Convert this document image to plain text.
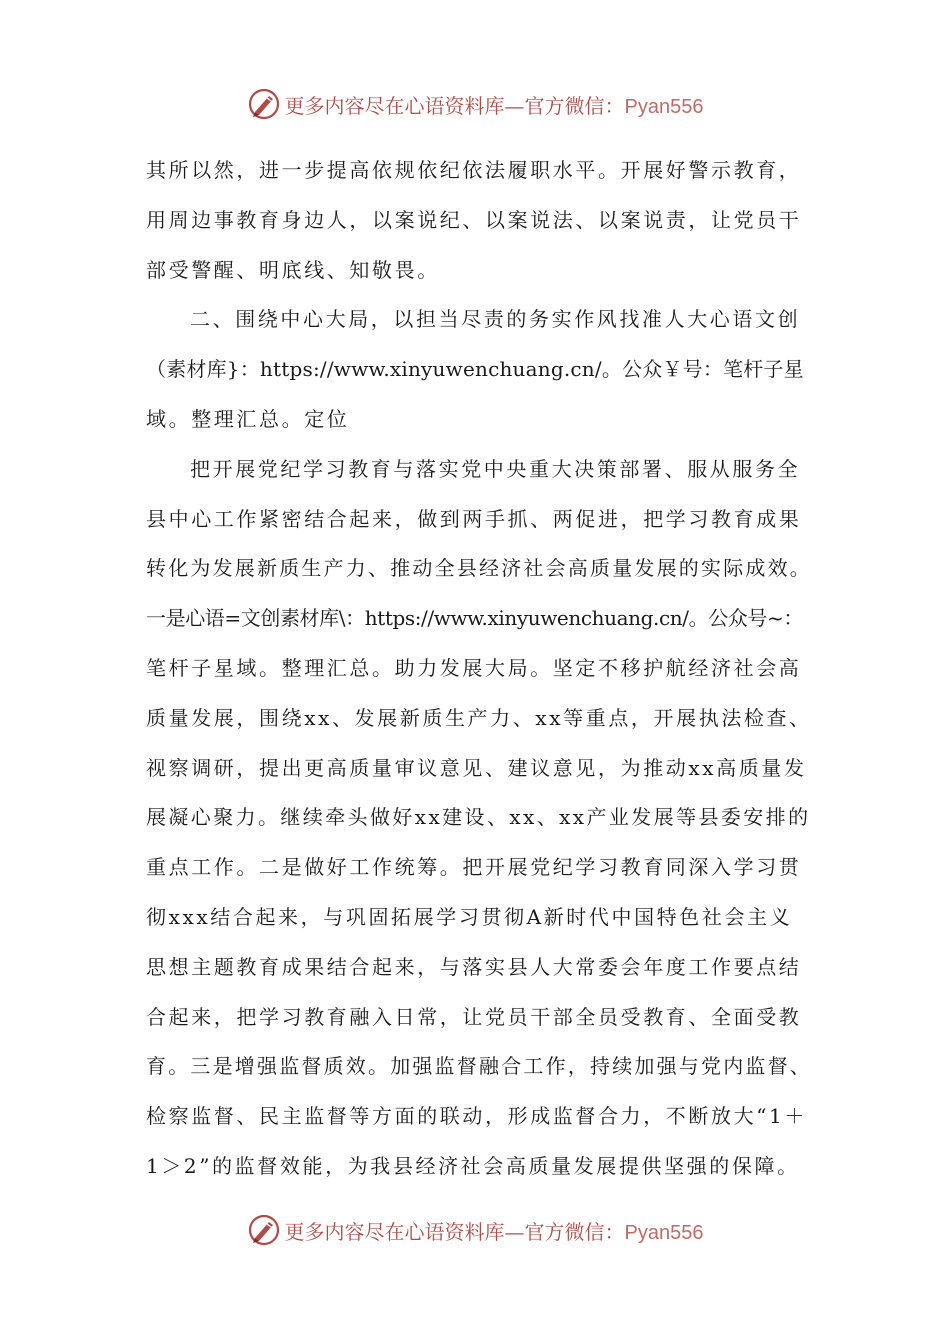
更多内容尽在心语资料库—官方微信：Pyan556
其所以然，进一步提高依规依纪依法履职水平。开展好警示教育，
用周边事教育身边人，以案说纪、以案说法、以案说责，让党员干
部受警醒、明底线、知敬畏。
二、围绕中心大局，以担当尽责的务实作风找准人大心语文创
（素材库}：https://www.xinyuwenchuang.cn/。公众￥号：笔杆子星
域。整理汇总。定位
把开展党纪学习教育与落实党中央重大决策部署、服从服务全
县中心工作紧密结合起来，做到两手抓、两促进，把学习教育成果
转化为发展新质生产力、推动全县经济社会高质量发展的实际成效。
一是心语=文创素材库\：https://www.xinyuwenchuang.cn/。公众号~：
笔杆子星域。整理汇总。助力发展大局。坚定不移护航经济社会高
质量发展，围绕xx、发展新质生产力、xx等重点，开展执法检查、
视察调研，提出更高质量审议意见、建议意见，为推动xx高质量发
展凝心聚力。继续牵头做好xx建设、xx、xx产业发展等县委安排的
重点工作。二是做好工作统筹。把开展党纪学习教育同深入学习贯
彻xxx结合起来，与巩固拓展学习贯彻A新时代中国特色社会主义
思想主题教育成果结合起来，与落实县人大常委会年度工作要点结
合起来，把学习教育融入日常，让党员干部全员受教育、全面受教
育。三是增强监督质效。加强监督融合工作，持续加强与党内监督、
检察监督、民主监督等方面的联动，形成监督合力，不断放大“1＋
1＞2”的监督效能，为我县经济社会高质量发展提供坚强的保障。
更多内容尽在心语资料库—官方微信：Pyan556
